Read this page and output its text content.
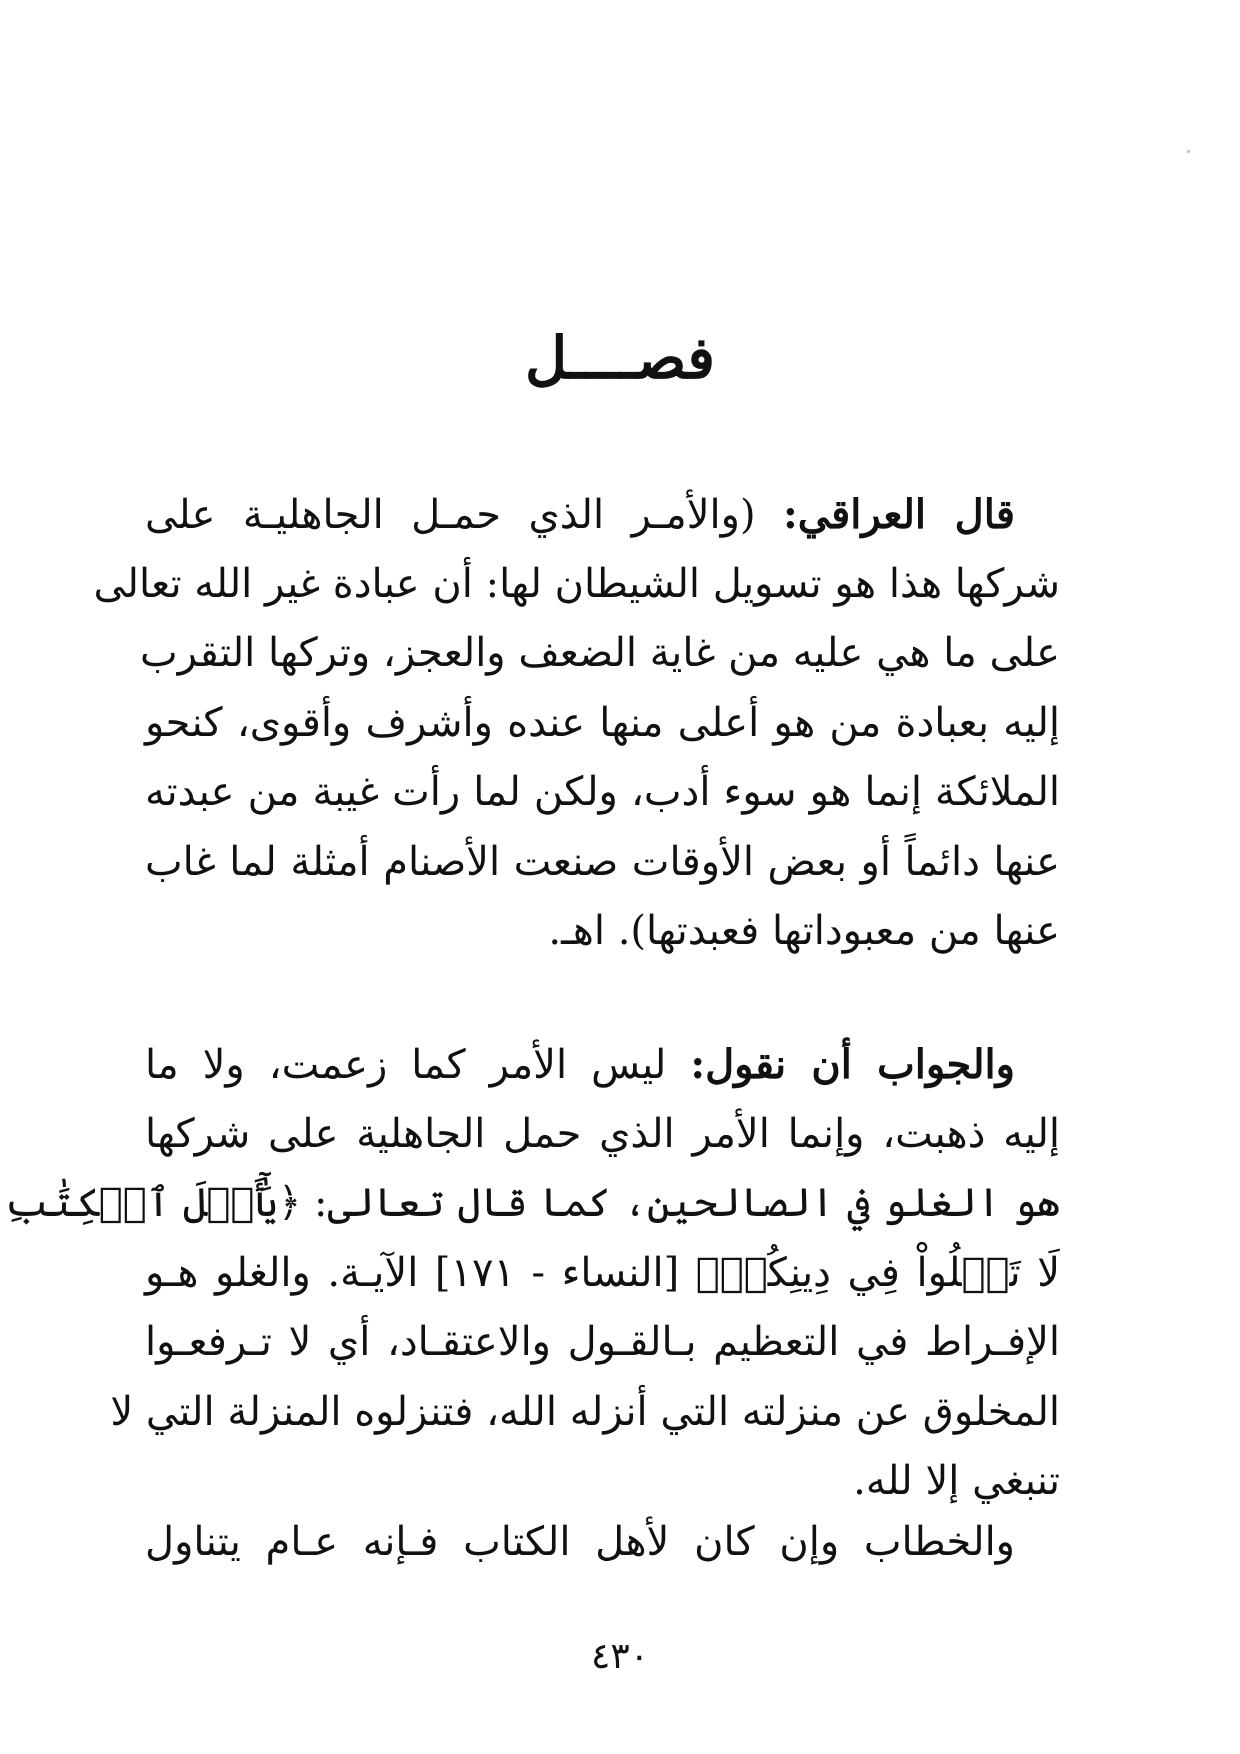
فصــــل
قال العراقي: (والأمـر الذي حمـل الجاهليـة على
شركها هذا هو تسويل الشيطان لها: أن عبادة غير الله تعالى
على ما هي عليه من غاية الضعف والعجز، وتركها التقرب
إليه بعبادة من هو أعلى منها عنده وأشرف وأقوى، كنحو
الملائكة إنما هو سوء أدب، ولكن لما رأت غيبة من عبدته
عنها دائماً أو بعض الأوقات صنعت الأصنام أمثلة لما غاب
عنها من معبوداتها فعبدتها). اهـ.
والجواب أن نقول: ليس الأمر كما زعمت، ولا ما
إليه ذهبت، وإنما الأمر الذي حمل الجاهلية على شركها
هو الغلو في الصالحين، كما قال تعالى: ﴿يَٰٓأَهۡلَ ٱلۡكِتَٰبِ
لَا تَغۡلُواْ فِي دِينِكُمۡ﴾ [النساء - ١٧١] الآيـة. والغلو هـو
الإفـراط في التعظيم بـالقـول والاعتقـاد، أي لا تـرفعـوا
المخلوق عن منزلته التي أنزله الله، فتنزلوه المنزلة التي لا
تنبغي إلا لله.
والخطاب وإن كان لأهل الكتاب فـإنه عـام يتناول
٤٣٠
